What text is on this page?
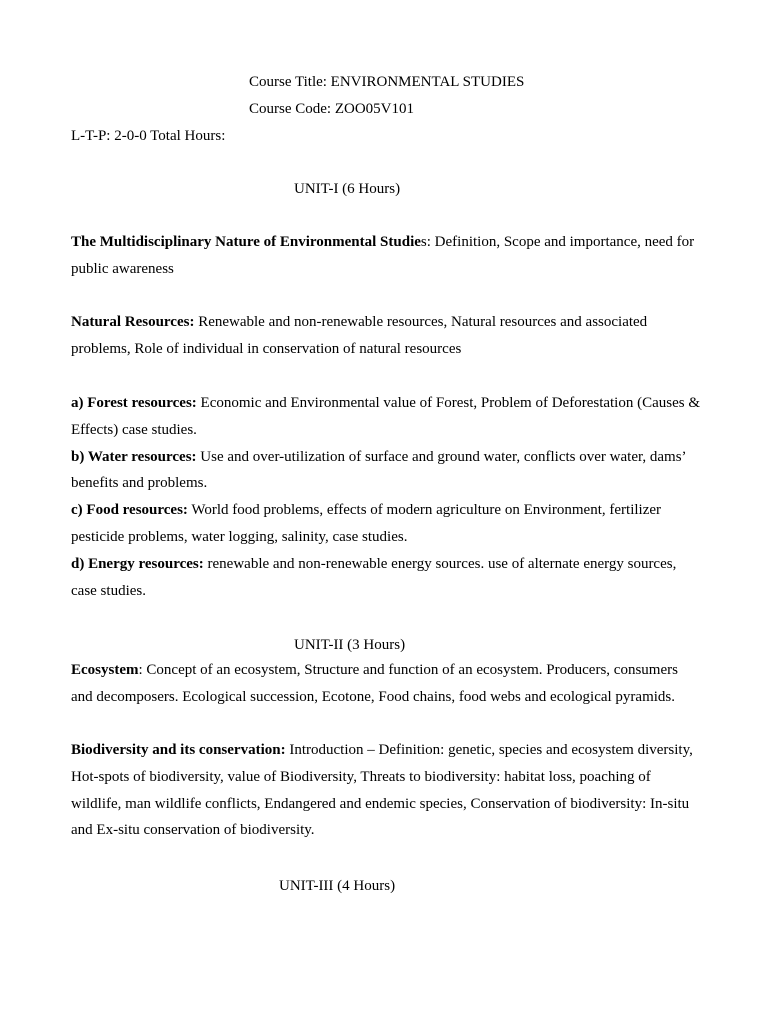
Course Title: ENVIRONMENTAL STUDIES
Course Code: ZOO05V101
L-T-P: 2-0-0 Total Hours:
UNIT-I (6 Hours)

The Multidisciplinary Nature of Environmental Studies: Definition, Scope and importance, need for public awareness

Natural Resources: Renewable and non-renewable resources, Natural resources and associated problems, Role of individual in conservation of natural resources

a) Forest resources: Economic and Environmental value of Forest, Problem of Deforestation (Causes & Effects) case studies.

b) Water resources: Use and over-utilization of surface and ground water, conflicts over water, dams’ benefits and problems.

c) Food resources: World food problems, effects of modern agriculture on Environment, fertilizer pesticide problems, water logging, salinity, case studies.

d) Energy resources: renewable and non-renewable energy sources. use of alternate energy sources, case studies.

UNIT-II (3 Hours)

Ecosystem: Concept of an ecosystem, Structure and function of an ecosystem. Producers, consumers and decomposers. Ecological succession, Ecotone, Food chains, food webs and ecological pyramids.

Biodiversity and its conservation: Introduction – Definition: genetic, species and ecosystem diversity, Hot-spots of biodiversity, value of Biodiversity, Threats to biodiversity: habitat loss, poaching of wildlife, man wildlife conflicts, Endangered and endemic species, Conservation of biodiversity: In-situ and Ex-situ conservation of biodiversity.

UNIT-III (4 Hours)
